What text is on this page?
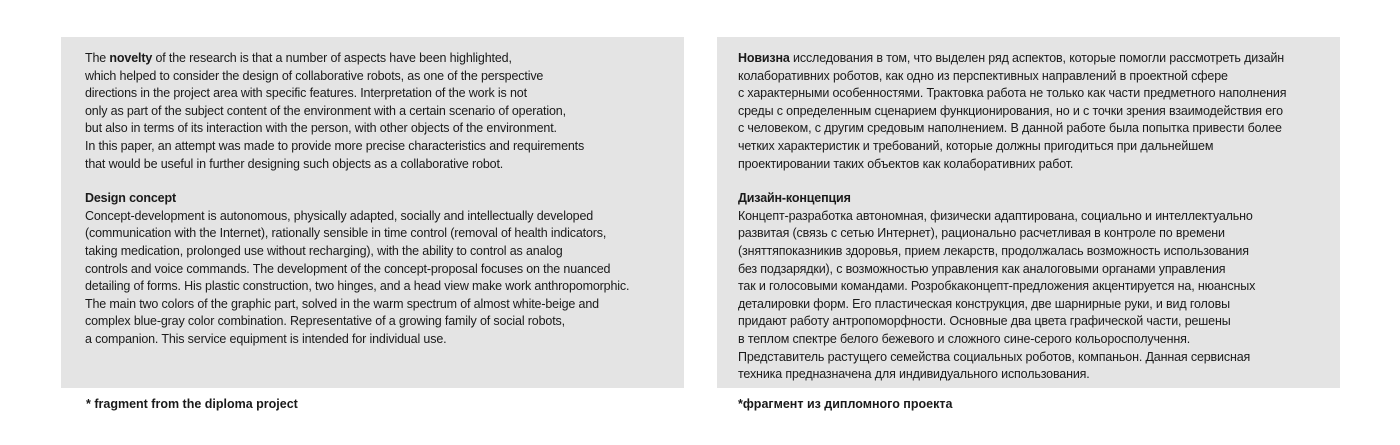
The novelty of the research is that a number of aspects have been highlighted,
which helped to consider the design of collaborative robots, as one of the perspective
directions in the project area with specific features. Interpretation of the work is not
only as part of the subject content of the environment with a certain scenario of operation,
but also in terms of its interaction with the person, with other objects of the environment.
In this paper, an attempt was made to provide more precise characteristics and requirements
that would be useful in further designing such objects as a collaborative robot.
Design concept
Concept-development is autonomous, physically adapted, socially and intellectually developed
(communication with the Internet), rationally sensible in time control (removal of health indicators,
taking medication, prolonged use without recharging), with the ability to control as analog
controls and voice commands. The development of the concept-proposal focuses on the nuanced
detailing of forms. His plastic construction, two hinges, and a head view make work anthropomorphic.
The main two colors of the graphic part, solved in the warm spectrum of almost white-beige and
complex blue-gray color combination. Representative of a growing family of social robots,
a companion. This service equipment is intended for individual use.
Новизна исследования в том, что выделен ряд аспектов, которые помогли рассмотреть дизайн
колаборативних роботов, как одно из перспективных направлений в проектной сфере
с характерными особенностями. Трактовка работа не только как части предметного наполнения
среды с определенным сценарием функционирования, но и с точки зрения взаимодействия его
с человеком, с другим средовым наполнением. В данной работе была попытка привести более
четких характеристик и требований, которые должны пригодиться при дальнейшем
проектировании таких объектов как колаборативних работ.
Дизайн-концепция
Концепт-разработка автономная, физически адаптирована, социально и интеллектуально
развитая (связь с сетью Интернет), рационально расчетливая в контроле по времени
(зняттяпоказникив здоровья, прием лекарств, продолжалась возможность использования
без подзарядки), с возможностью управления как аналоговыми органами управления
так и голосовыми командами. Розробкаконцепт-предложения акцентируется на, нюансных
деталировки форм. Его пластическая конструкция, две шарнирные руки, и вид головы
придают работу антропоморфности. Основные два цвета графической части, решены
в теплом спектре белого бежевого и сложного сине-серого кольоросполучення.
Представитель растущего семейства социальных роботов, компаньон. Данная сервисная
техника предназначена для индивидуального использования.
* fragment from the diploma project	*фрагмент из дипломного проекта
